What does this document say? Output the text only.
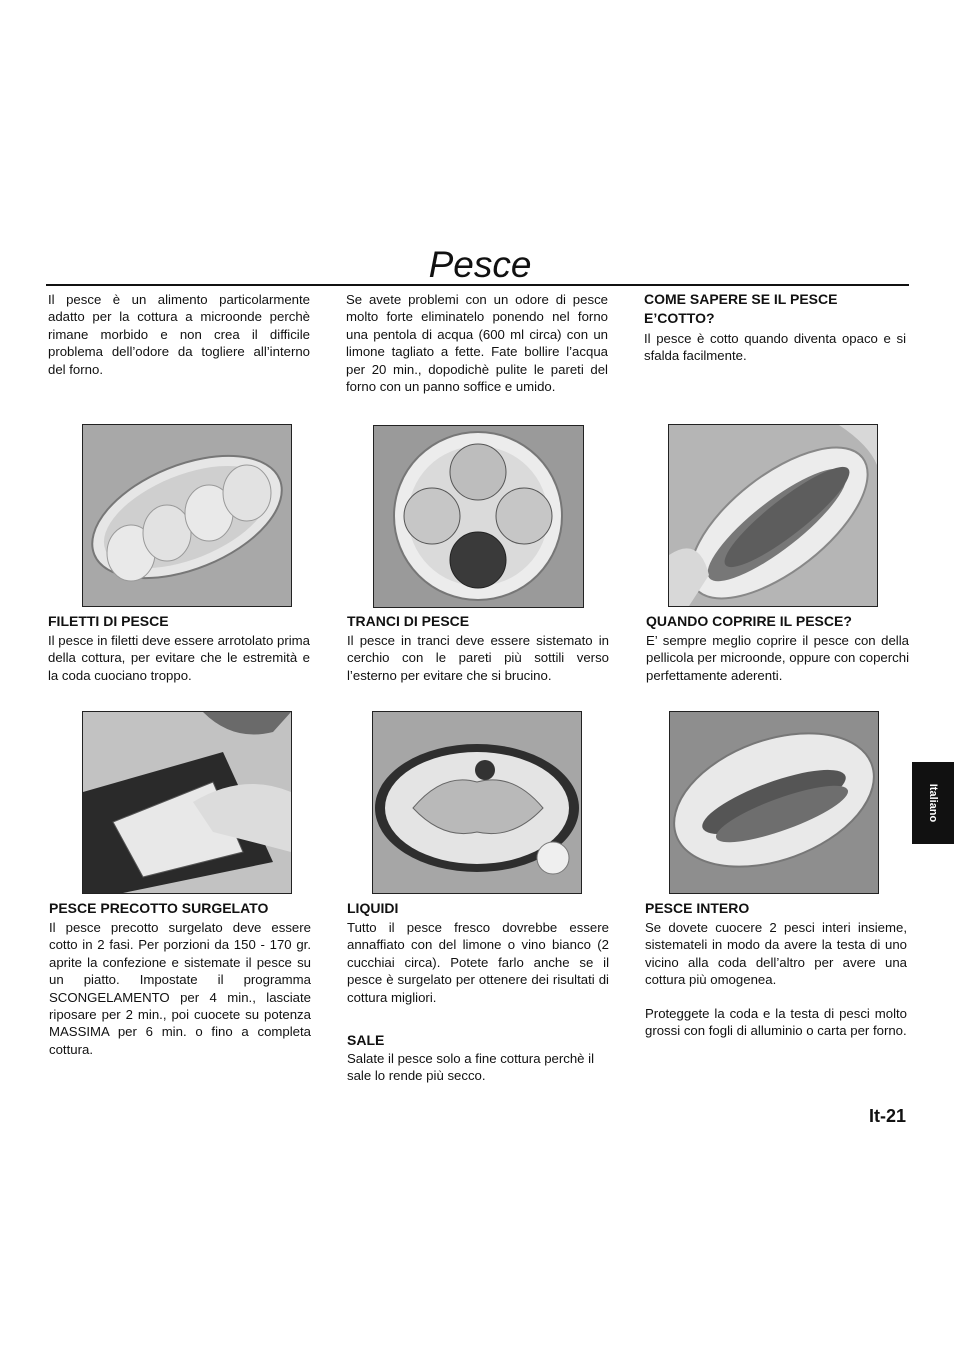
Pesce

Il pesce è un alimento particolarmente adatto per la cottura a microonde perchè rimane morbido e non crea il difficile problema dell’odore da togliere all’interno del forno.

Se avete problemi con un odore di pesce molto forte eliminatelo ponendo nel forno una pentola di acqua (600 ml circa) con un limone tagliato a fette. Fate bollire l’acqua per 20 min., dopodichè pulite le pareti del forno con un panno soffice e umido.

COME SAPERE SE IL PESCE E’COTTO?

Il pesce è cotto quando diventa opaco e si sfalda facilmente.

FILETTI DI PESCE

Il pesce in filetti deve essere arrotolato prima della cottura, per evitare che le estremità e la coda cuociano troppo.

TRANCI DI PESCE

Il pesce in tranci deve essere sistemato in cerchio con le pareti più sottili verso l’esterno per evitare che si brucino.

QUANDO COPRIRE IL PESCE?

E’ sempre meglio coprire il pesce con della pellicola per microonde, oppure con coperchi perfettamente aderenti.

PESCE PRECOTTO SURGELATO

Il pesce precotto surgelato deve essere cotto in 2 fasi. Per porzioni da 150 - 170 gr. aprite la confezione e sistemate il pesce su un piatto. Impostate il programma SCONGELAMENTO per 4 min., lasciate riposare per 2 min., poi cuocete su potenza MASSIMA per 6 min. o fino a completa cottura.

LIQUIDI

Tutto il pesce fresco dovrebbe essere annaffiato con del limone o vino bianco (2 cucchiai circa). Potete farlo anche se il pesce è surgelato per ottenere dei risultati di cottura migliori.

SALE

Salate il pesce solo a fine cottura perchè il sale lo rende più secco.

PESCE INTERO

Se dovete cuocere 2 pesci interi insieme, sistemateli in modo da avere la testa di uno vicino alla coda dell’altro per avere una cottura più omogenea.

Proteggete la coda e la testa di pesci molto grossi con fogli di alluminio o carta per forno.

Italiano
It-21
